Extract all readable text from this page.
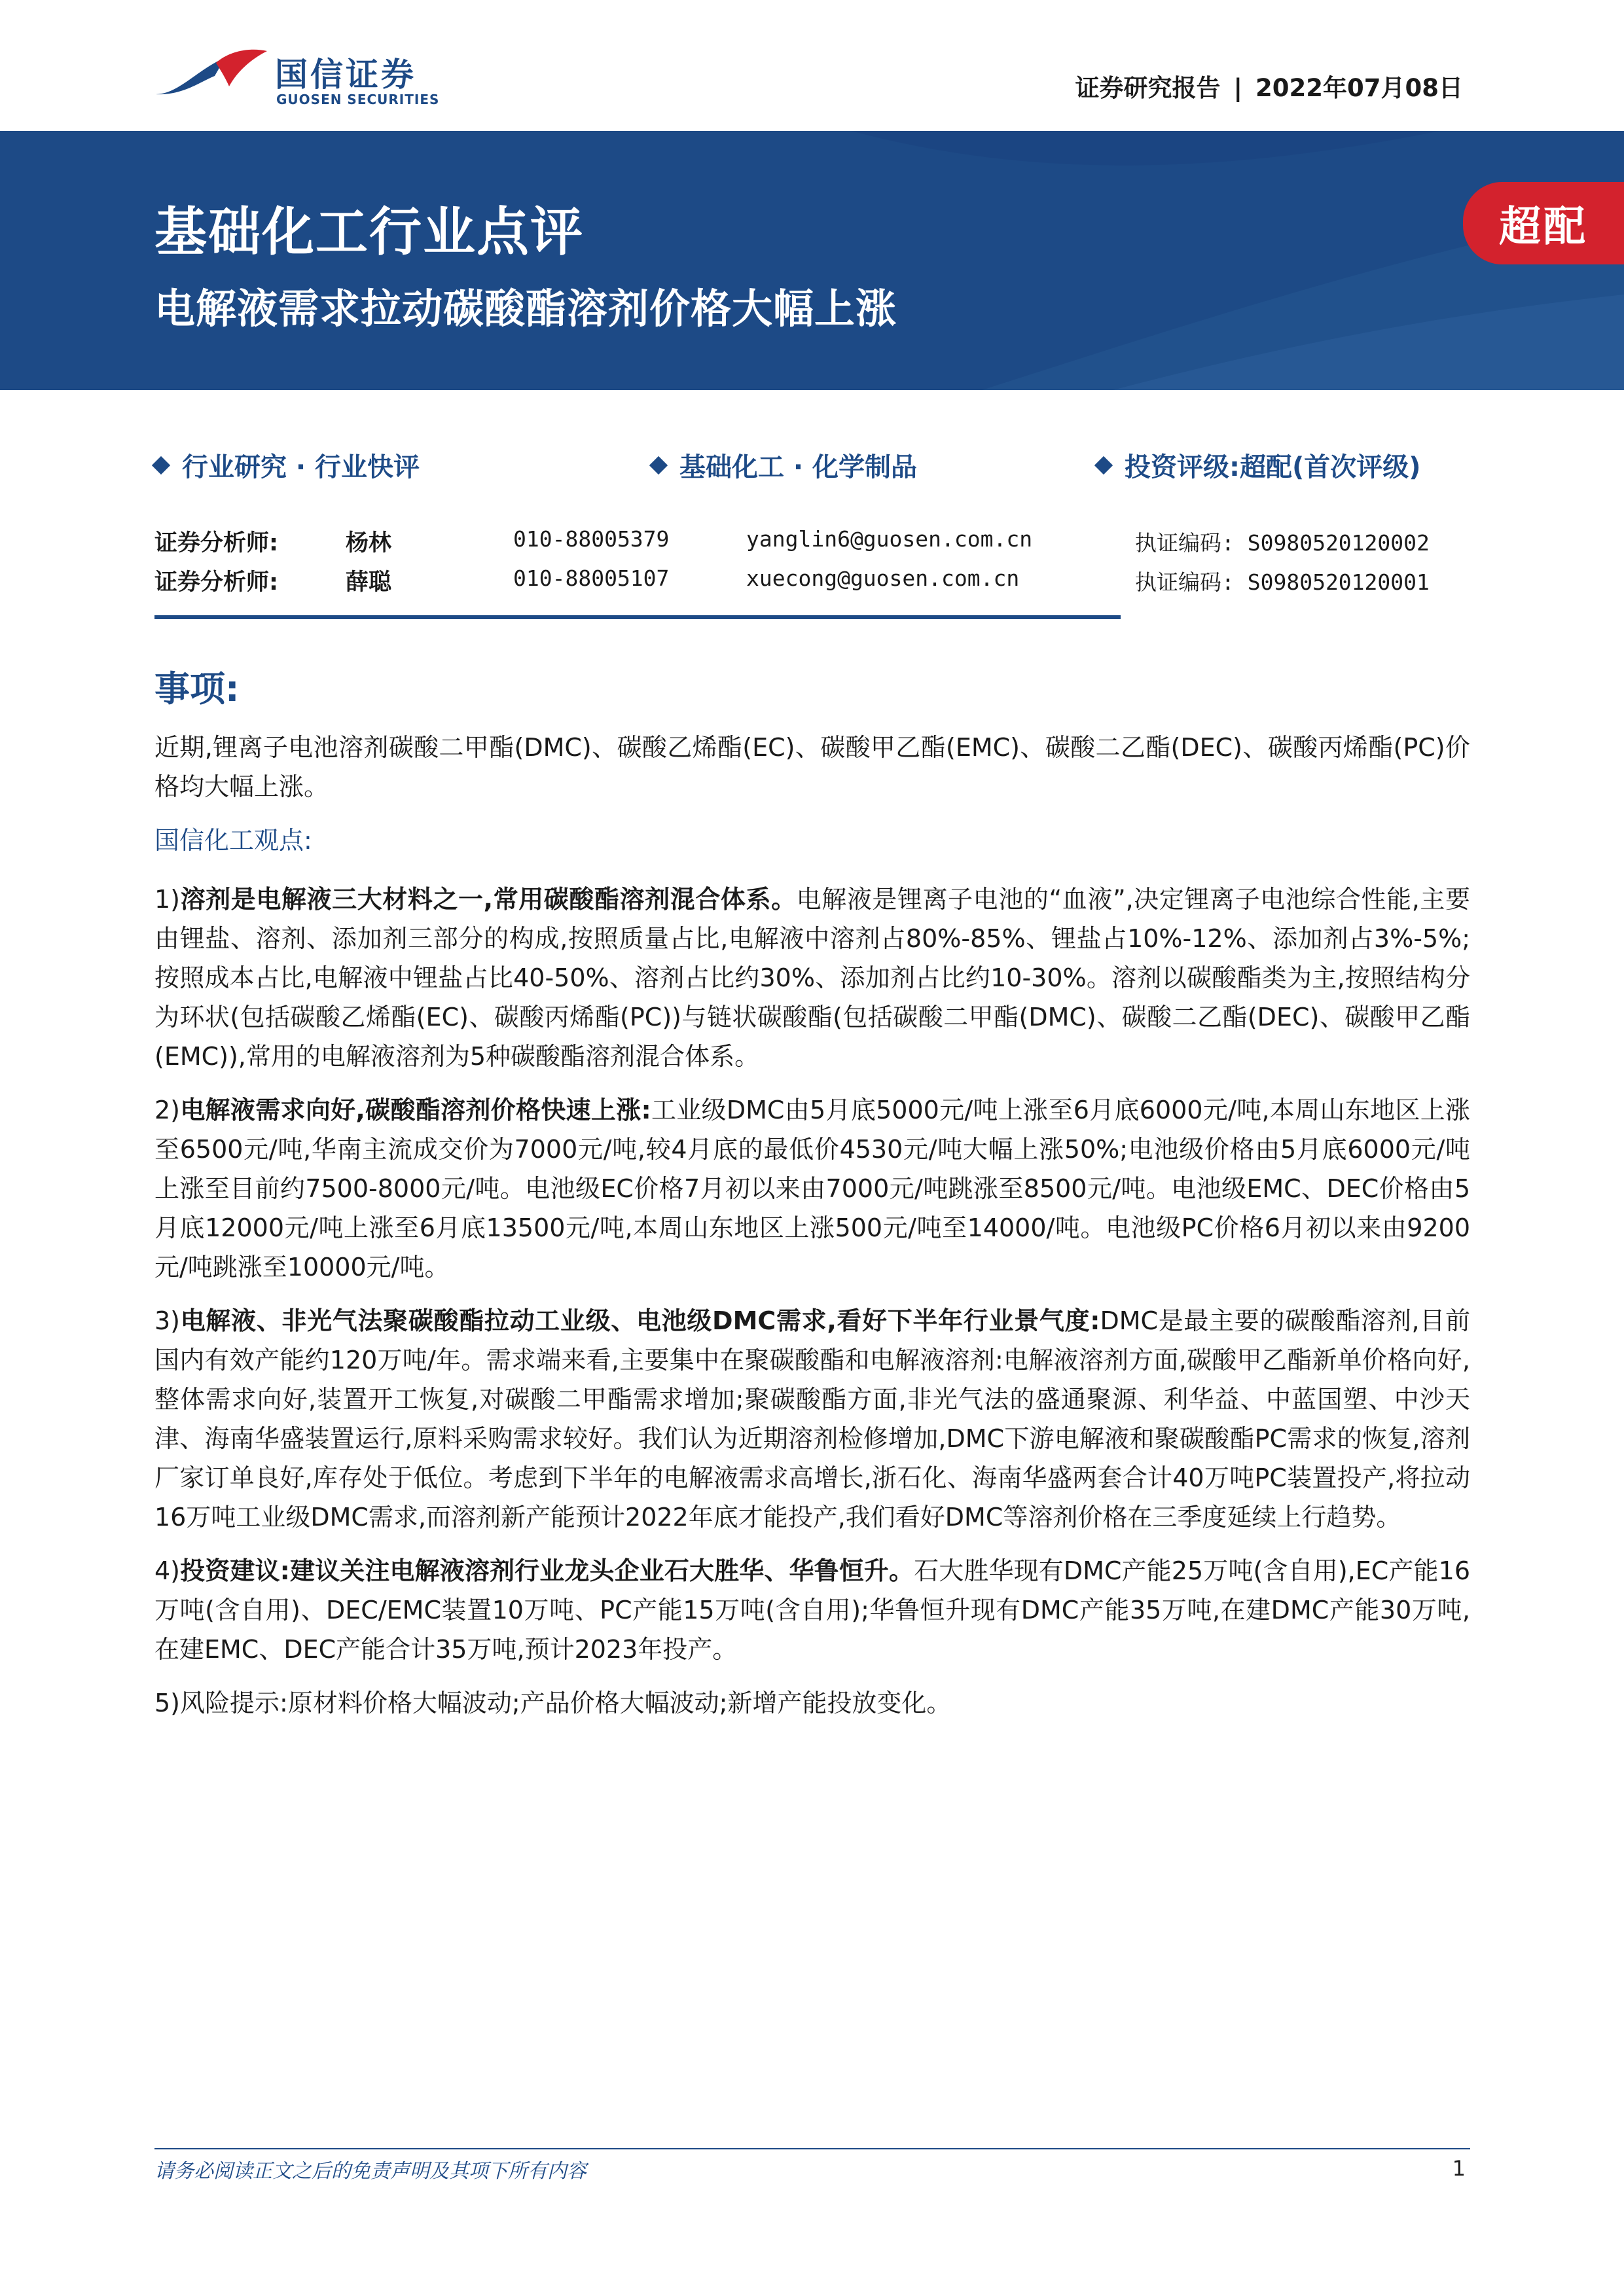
国信证券
GUOSEN SECURITIES	证券研究报告 | 2022年07月08日
基础化工行业点评
电解液需求拉动碳酸酯溶剂价格大幅上涨
超配
行业研究 · 行业快评	基础化工 · 化学制品	投资评级:超配(首次评级)
证券分析师:	杨林	010-88005379	yanglin6@guosen.com.cn	执证编码: S0980520120002
证券分析师:	薛聪	010-88005107	xuecong@guosen.com.cn	执证编码: S0980520120001
事项:

近期,锂离子电池溶剂碳酸二甲酯(DMC)、碳酸乙烯酯(EC)、碳酸甲乙酯(EMC)、碳酸二乙酯(DEC)、碳酸丙烯酯(PC)价格均大幅上涨。

国信化工观点:

1)溶剂是电解液三大材料之一,常用碳酸酯溶剂混合体系。电解液是锂离子电池的“血液”,决定锂离子电池综合性能,主要由锂盐、溶剂、添加剂三部分的构成,按照质量占比,电解液中溶剂占80%-85%、锂盐占10%-12%、添加剂占3%-5%;按照成本占比,电解液中锂盐占比40-50%、溶剂占比约30%、添加剂占比约10-30%。溶剂以碳酸酯类为主,按照结构分为环状(包括碳酸乙烯酯(EC)、碳酸丙烯酯(PC))与链状碳酸酯(包括碳酸二甲酯(DMC)、碳酸二乙酯(DEC)、碳酸甲乙酯(EMC)),常用的电解液溶剂为5种碳酸酯溶剂混合体系。

2)电解液需求向好,碳酸酯溶剂价格快速上涨:工业级DMC由5月底5000元/吨上涨至6月底6000元/吨,本周山东地区上涨至6500元/吨,华南主流成交价为7000元/吨,较4月底的最低价4530元/吨大幅上涨50%;电池级价格由5月底6000元/吨上涨至目前约7500-8000元/吨。电池级EC价格7月初以来由7000元/吨跳涨至8500元/吨。电池级EMC、DEC价格由5月底12000元/吨上涨至6月底13500元/吨,本周山东地区上涨500元/吨至14000/吨。电池级PC价格6月初以来由9200元/吨跳涨至10000元/吨。

3)电解液、非光气法聚碳酸酯拉动工业级、电池级DMC需求,看好下半年行业景气度:DMC是最主要的碳酸酯溶剂,目前国内有效产能约120万吨/年。需求端来看,主要集中在聚碳酸酯和电解液溶剂:电解液溶剂方面,碳酸甲乙酯新单价格向好,整体需求向好,装置开工恢复,对碳酸二甲酯需求增加;聚碳酸酯方面,非光气法的盛通聚源、利华益、中蓝国塑、中沙天津、海南华盛装置运行,原料采购需求较好。我们认为近期溶剂检修增加,DMC下游电解液和聚碳酸酯PC需求的恢复,溶剂厂家订单良好,库存处于低位。考虑到下半年的电解液需求高增长,浙石化、海南华盛两套合计40万吨PC装置投产,将拉动16万吨工业级DMC需求,而溶剂新产能预计2022年底才能投产,我们看好DMC等溶剂价格在三季度延续上行趋势。

4)投资建议:建议关注电解液溶剂行业龙头企业石大胜华、华鲁恒升。石大胜华现有DMC产能25万吨(含自用),EC产能16万吨(含自用)、DEC/EMC装置10万吨、PC产能15万吨(含自用);华鲁恒升现有DMC产能35万吨,在建DMC产能30万吨,在建EMC、DEC产能合计35万吨,预计2023年投产。

5)风险提示:原材料价格大幅波动;产品价格大幅波动;新增产能投放变化。

请务必阅读正文之后的免责声明及其项下所有内容	1
